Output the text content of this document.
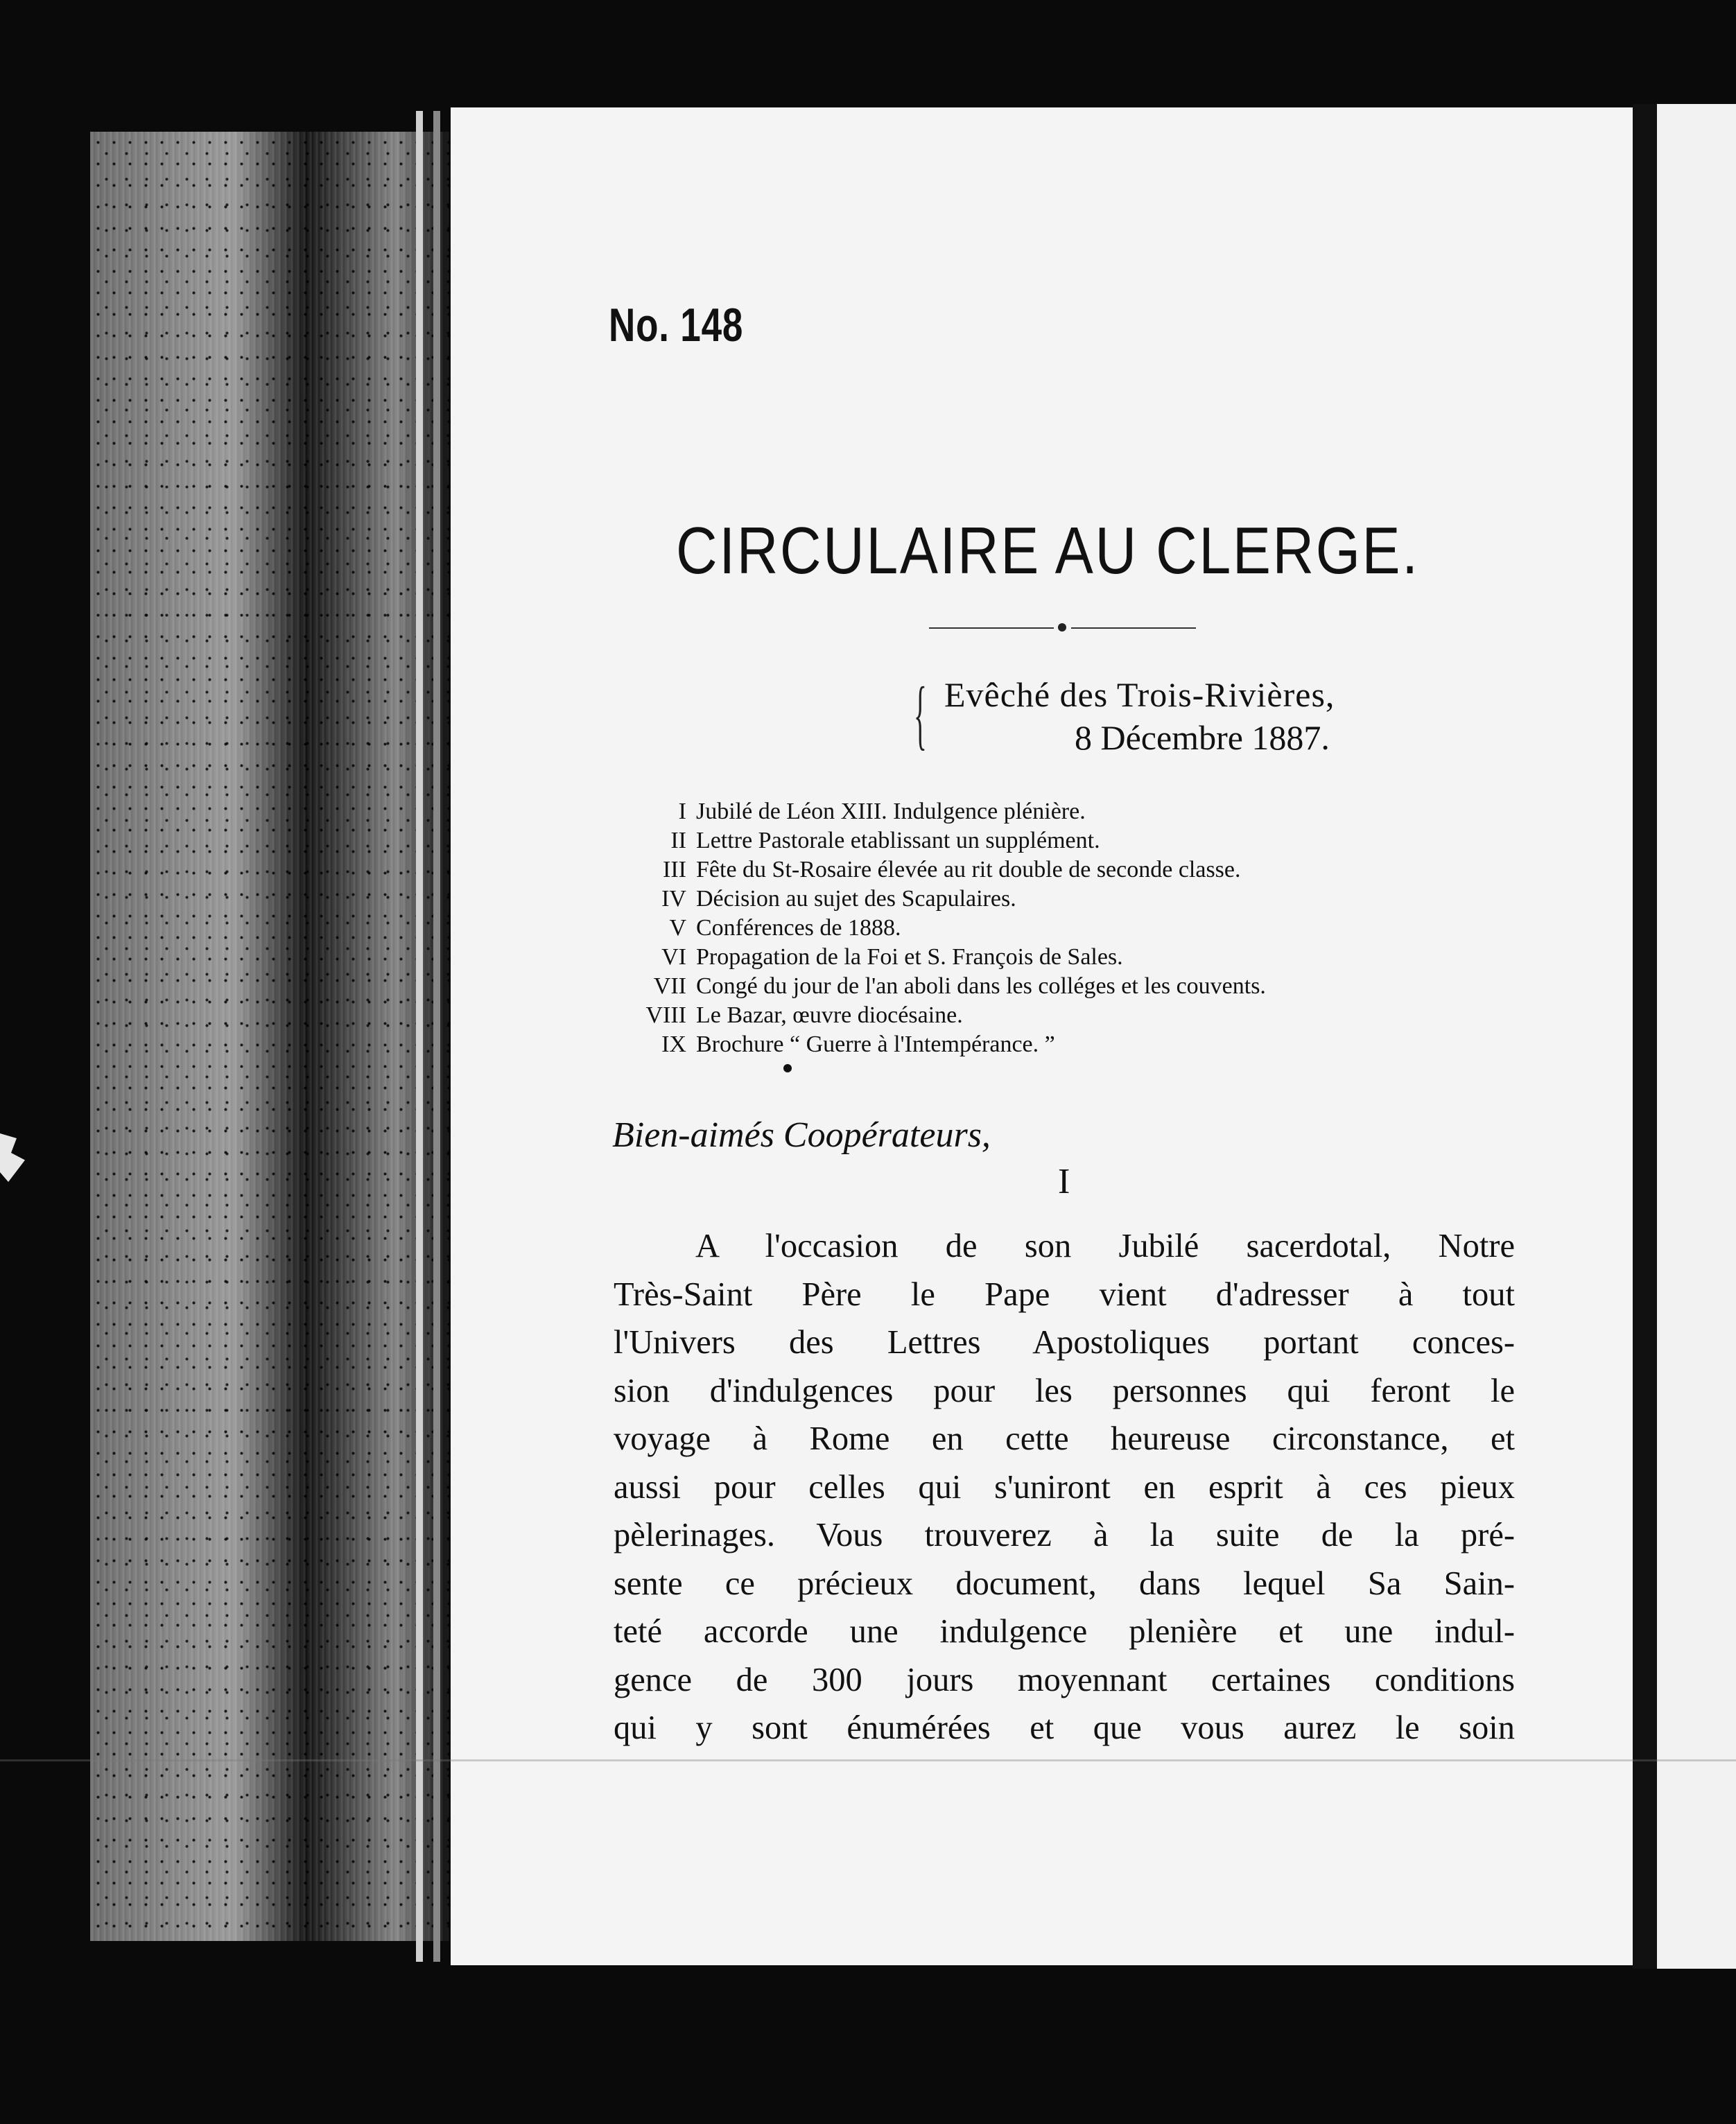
No. 148
CIRCULAIRE AU CLERGE.
{ Evêché des Trois-Rivières,
8 Décembre 1887.
I Jubilé de Léon XIII. Indulgence plénière.
II Lettre Pastorale etablissant un supplément.
III Fête du St-Rosaire élevée au rit double de seconde classe.
IV Décision au sujet des Scapulaires.
V Conférences de 1888.
VI Propagation de la Foi et S. François de Sales.
VII Congé du jour de l'an aboli dans les colléges et les couvents.
VIII Le Bazar, œuvre diocésaine.
IX Brochure “ Guerre à l'Intempérance. ”
Bien-aimés Coopérateurs,
I
A l'occasion de son Jubilé sacerdotal, Notre
Très-Saint Père le Pape vient d'adresser à tout
l'Univers des Lettres Apostoliques portant conces-
sion d'indulgences pour les personnes qui feront le
voyage à Rome en cette heureuse circonstance, et
aussi pour celles qui s'uniront en esprit à ces pieux
pèlerinages. Vous trouverez à la suite de la pré-
sente ce précieux document, dans lequel Sa Sain-
teté accorde une indulgence plenière et une indul-
gence de 300 jours moyennant certaines conditions
qui y sont énumérées et que vous aurez le soin
